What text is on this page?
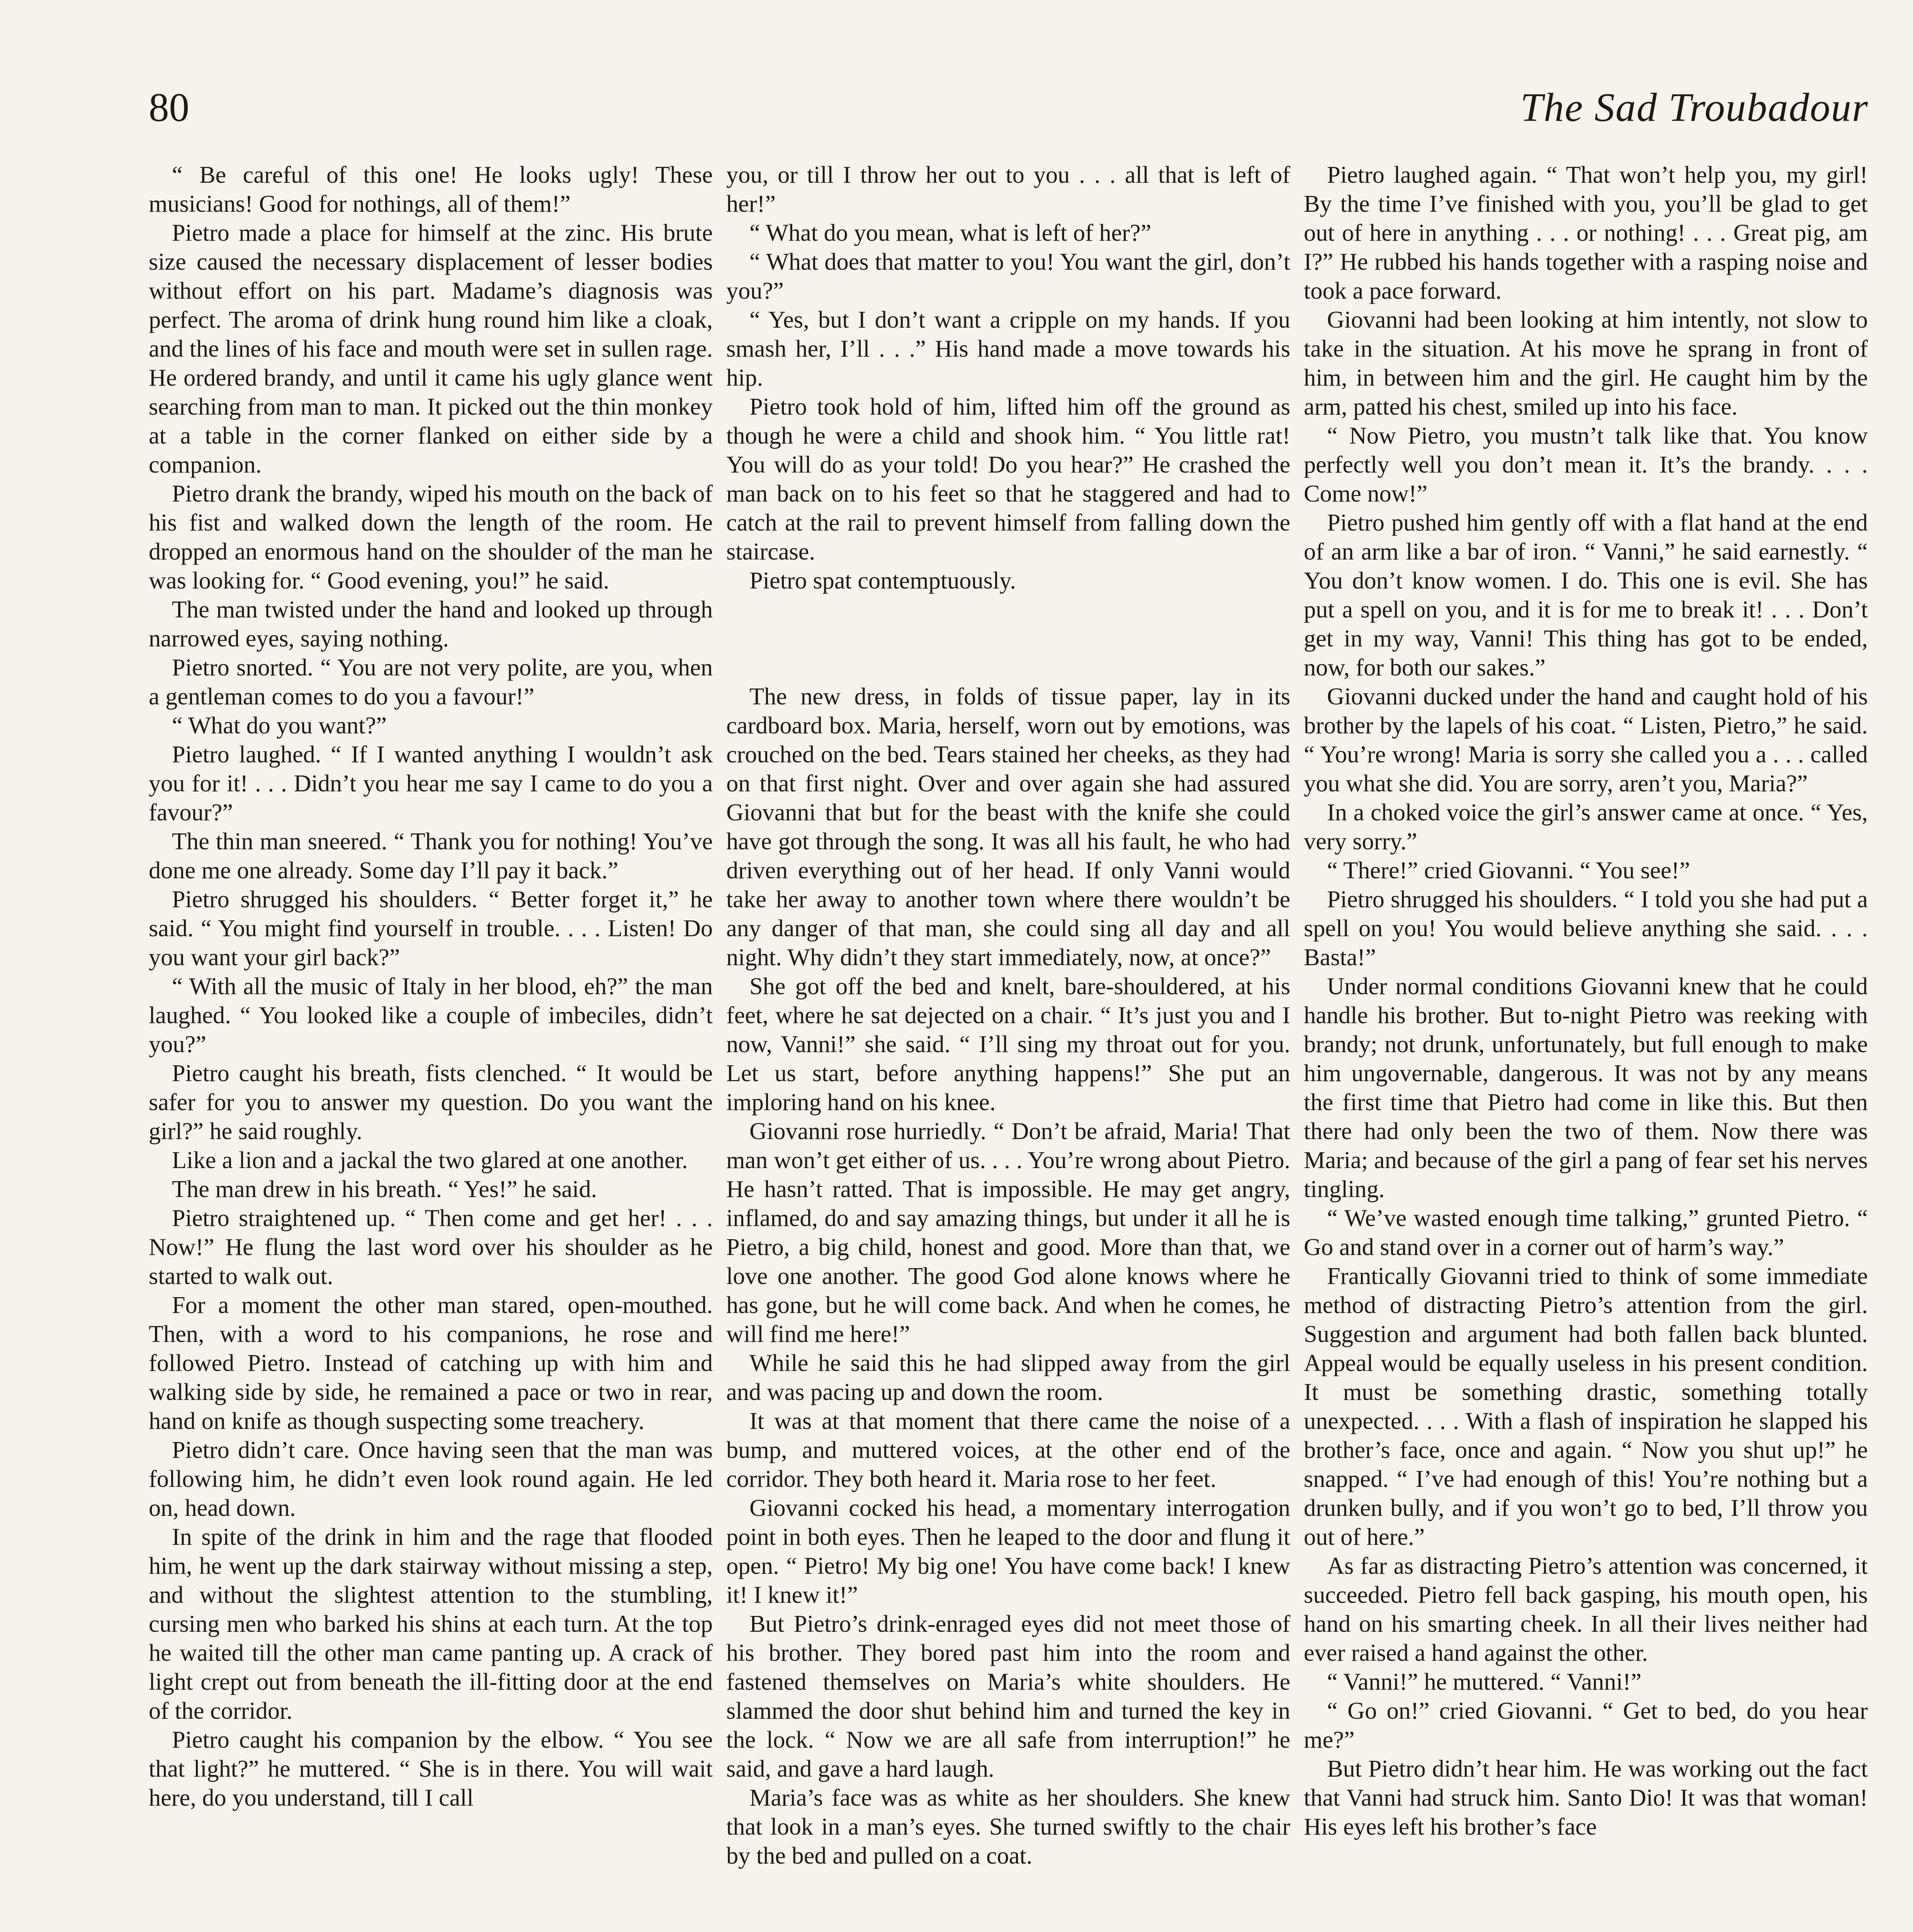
80	The Sad Troubadour

“ Be careful of this one! He looks ugly! These musicians! Good for nothings, all of them!”

Pietro made a place for himself at the zinc. His brute size caused the necessary displacement of lesser bodies without effort on his part. Madame’s diagnosis was perfect. The aroma of drink hung round him like a cloak, and the lines of his face and mouth were set in sullen rage. He ordered brandy, and until it came his ugly glance went searching from man to man. It picked out the thin monkey at a table in the corner flanked on either side by a companion.

Pietro drank the brandy, wiped his mouth on the back of his fist and walked down the length of the room. He dropped an enormous hand on the shoulder of the man he was looking for. “ Good evening, you!” he said.

The man twisted under the hand and looked up through narrowed eyes, saying nothing.

Pietro snorted. “ You are not very polite, are you, when a gentleman comes to do you a favour!”

“ What do you want?”

Pietro laughed. “ If I wanted anything I wouldn’t ask you for it! . . . Didn’t you hear me say I came to do you a favour?”

The thin man sneered. “ Thank you for nothing! You’ve done me one already. Some day I’ll pay it back.”

Pietro shrugged his shoulders. “ Better forget it,” he said. “ You might find yourself in trouble. . . . Listen! Do you want your girl back?”

“ With all the music of Italy in her blood, eh?” the man laughed. “ You looked like a couple of imbeciles, didn’t you?”

Pietro caught his breath, fists clenched. “ It would be safer for you to answer my question. Do you want the girl?” he said roughly.

Like a lion and a jackal the two glared at one another.

The man drew in his breath. “ Yes!” he said.

Pietro straightened up. “ Then come and get her! . . . Now!” He flung the last word over his shoulder as he started to walk out.

For a moment the other man stared, open-mouthed. Then, with a word to his companions, he rose and followed Pietro. Instead of catching up with him and walking side by side, he remained a pace or two in rear, hand on knife as though suspecting some treachery.

Pietro didn’t care. Once having seen that the man was following him, he didn’t even look round again. He led on, head down.

In spite of the drink in him and the rage that flooded him, he went up the dark stairway without missing a step, and without the slightest attention to the stumbling, cursing men who barked his shins at each turn. At the top he waited till the other man came panting up. A crack of light crept out from beneath the ill-fitting door at the end of the corridor.

Pietro caught his companion by the elbow. “ You see that light?” he muttered. “ She is in there. You will wait here, do you understand, till I call

you, or till I throw her out to you . . . all that is left of her!”

“ What do you mean, what is left of her?”

“ What does that matter to you! You want the girl, don’t you?”

“ Yes, but I don’t want a cripple on my hands. If you smash her, I’ll . . .” His hand made a move towards his hip.

Pietro took hold of him, lifted him off the ground as though he were a child and shook him. “ You little rat! You will do as your told! Do you hear?” He crashed the man back on to his feet so that he staggered and had to catch at the rail to prevent himself from falling down the staircase.

Pietro spat contemptuously.

The new dress, in folds of tissue paper, lay in its cardboard box. Maria, herself, worn out by emotions, was crouched on the bed. Tears stained her cheeks, as they had on that first night. Over and over again she had assured Giovanni that but for the beast with the knife she could have got through the song. It was all his fault, he who had driven everything out of her head. If only Vanni would take her away to another town where there wouldn’t be any danger of that man, she could sing all day and all night. Why didn’t they start immediately, now, at once?”

She got off the bed and knelt, bare-shouldered, at his feet, where he sat dejected on a chair. “ It’s just you and I now, Vanni!” she said. “ I’ll sing my throat out for you. Let us start, before anything happens!” She put an imploring hand on his knee.

Giovanni rose hurriedly. “ Don’t be afraid, Maria! That man won’t get either of us. . . . You’re wrong about Pietro. He hasn’t ratted. That is impossible. He may get angry, inflamed, do and say amazing things, but under it all he is Pietro, a big child, honest and good. More than that, we love one another. The good God alone knows where he has gone, but he will come back. And when he comes, he will find me here!”

While he said this he had slipped away from the girl and was pacing up and down the room.

It was at that moment that there came the noise of a bump, and muttered voices, at the other end of the corridor. They both heard it. Maria rose to her feet.

Giovanni cocked his head, a momentary interrogation point in both eyes. Then he leaped to the door and flung it open. “ Pietro! My big one! You have come back! I knew it! I knew it!”

But Pietro’s drink-enraged eyes did not meet those of his brother. They bored past him into the room and fastened themselves on Maria’s white shoulders. He slammed the door shut behind him and turned the key in the lock. “ Now we are all safe from interruption!” he said, and gave a hard laugh.

Maria’s face was as white as her shoulders. She knew that look in a man’s eyes. She turned swiftly to the chair by the bed and pulled on a coat.

Pietro laughed again. “ That won’t help you, my girl! By the time I’ve finished with you, you’ll be glad to get out of here in anything . . . or nothing! . . . Great pig, am I?” He rubbed his hands together with a rasping noise and took a pace forward.

Giovanni had been looking at him intently, not slow to take in the situation. At his move he sprang in front of him, in between him and the girl. He caught him by the arm, patted his chest, smiled up into his face.

“ Now Pietro, you mustn’t talk like that. You know perfectly well you don’t mean it. It’s the brandy. . . . Come now!”

Pietro pushed him gently off with a flat hand at the end of an arm like a bar of iron. “ Vanni,” he said earnestly. “ You don’t know women. I do. This one is evil. She has put a spell on you, and it is for me to break it! . . . Don’t get in my way, Vanni! This thing has got to be ended, now, for both our sakes.”

Giovanni ducked under the hand and caught hold of his brother by the lapels of his coat. “ Listen, Pietro,” he said. “ You’re wrong! Maria is sorry she called you a . . . called you what she did. You are sorry, aren’t you, Maria?”

In a choked voice the girl’s answer came at once. “ Yes, very sorry.”

“ There!” cried Giovanni. “ You see!”

Pietro shrugged his shoulders. “ I told you she had put a spell on you! You would believe anything she said. . . . Basta!”

Under normal conditions Giovanni knew that he could handle his brother. But to-night Pietro was reeking with brandy; not drunk, unfortunately, but full enough to make him ungovernable, dangerous. It was not by any means the first time that Pietro had come in like this. But then there had only been the two of them. Now there was Maria; and because of the girl a pang of fear set his nerves tingling.

“ We’ve wasted enough time talking,” grunted Pietro. “ Go and stand over in a corner out of harm’s way.”

Frantically Giovanni tried to think of some immediate method of distracting Pietro’s attention from the girl. Suggestion and argument had both fallen back blunted. Appeal would be equally useless in his present condition. It must be something drastic, something totally unexpected. . . . With a flash of inspiration he slapped his brother’s face, once and again. “ Now you shut up!” he snapped. “ I’ve had enough of this! You’re nothing but a drunken bully, and if you won’t go to bed, I’ll throw you out of here.”

As far as distracting Pietro’s attention was concerned, it succeeded. Pietro fell back gasping, his mouth open, his hand on his smarting cheek. In all their lives neither had ever raised a hand against the other.

“ Vanni!” he muttered. “ Vanni!”

“ Go on!” cried Giovanni. “ Get to bed, do you hear me?”

But Pietro didn’t hear him. He was working out the fact that Vanni had struck him. Santo Dio! It was that woman! His eyes left his brother’s face
